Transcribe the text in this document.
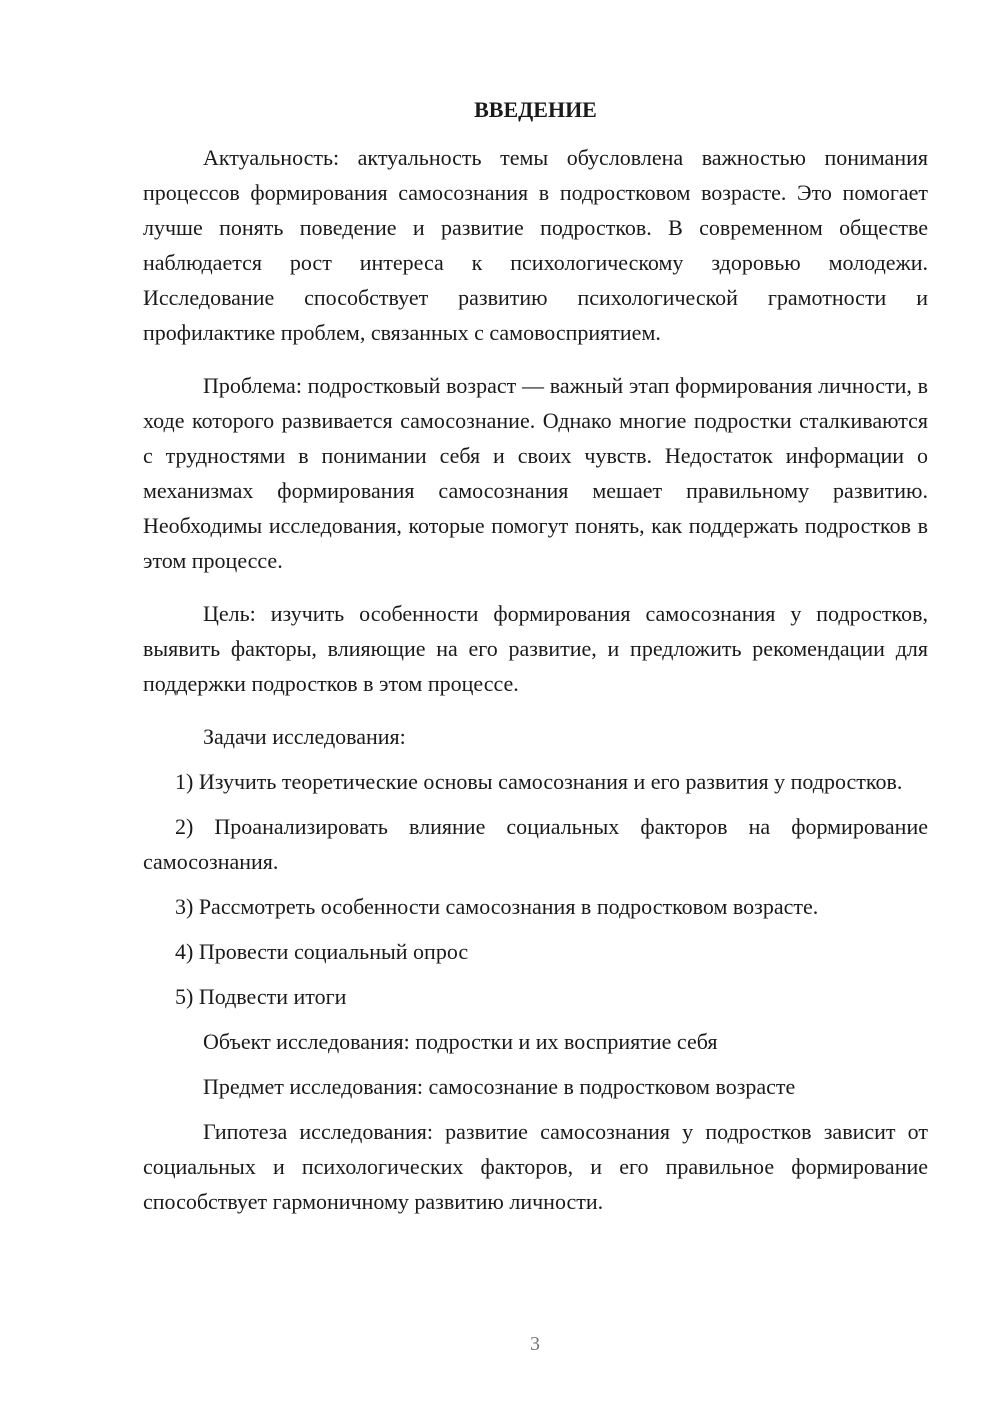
ВВЕДЕНИЕ

Актуальность: актуальность темы обусловлена важностью понимания процессов формирования самосознания в подростковом возрасте. Это помогает лучше понять поведение и развитие подростков. В современном обществе наблюдается рост интереса к психологическому здоровью молодежи. Исследование способствует развитию психологической грамотности и профилактике проблем, связанных с самовосприятием.

Проблема: подростковый возраст — важный этап формирования личности, в ходе которого развивается самосознание. Однако многие подростки сталкиваются с трудностями в понимании себя и своих чувств. Недостаток информации о механизмах формирования самосознания мешает правильному развитию. Необходимы исследования, которые помогут понять, как поддержать подростков в этом процессе.

Цель: изучить особенности формирования самосознания у подростков, выявить факторы, влияющие на его развитие, и предложить рекомендации для поддержки подростков в этом процессе.

Задачи исследования:

1) Изучить теоретические основы самосознания и его развития у подростков.

2) Проанализировать влияние социальных факторов на формирование самосознания.

3) Рассмотреть особенности самосознания в подростковом возрасте.

4) Провести социальный опрос

5) Подвести итоги

Объект исследования: подростки и их восприятие себя

Предмет исследования: самосознание в подростковом возрасте

Гипотеза исследования: развитие самосознания у подростков зависит от социальных и психологических факторов, и его правильное формирование способствует гармоничному развитию личности.

3
